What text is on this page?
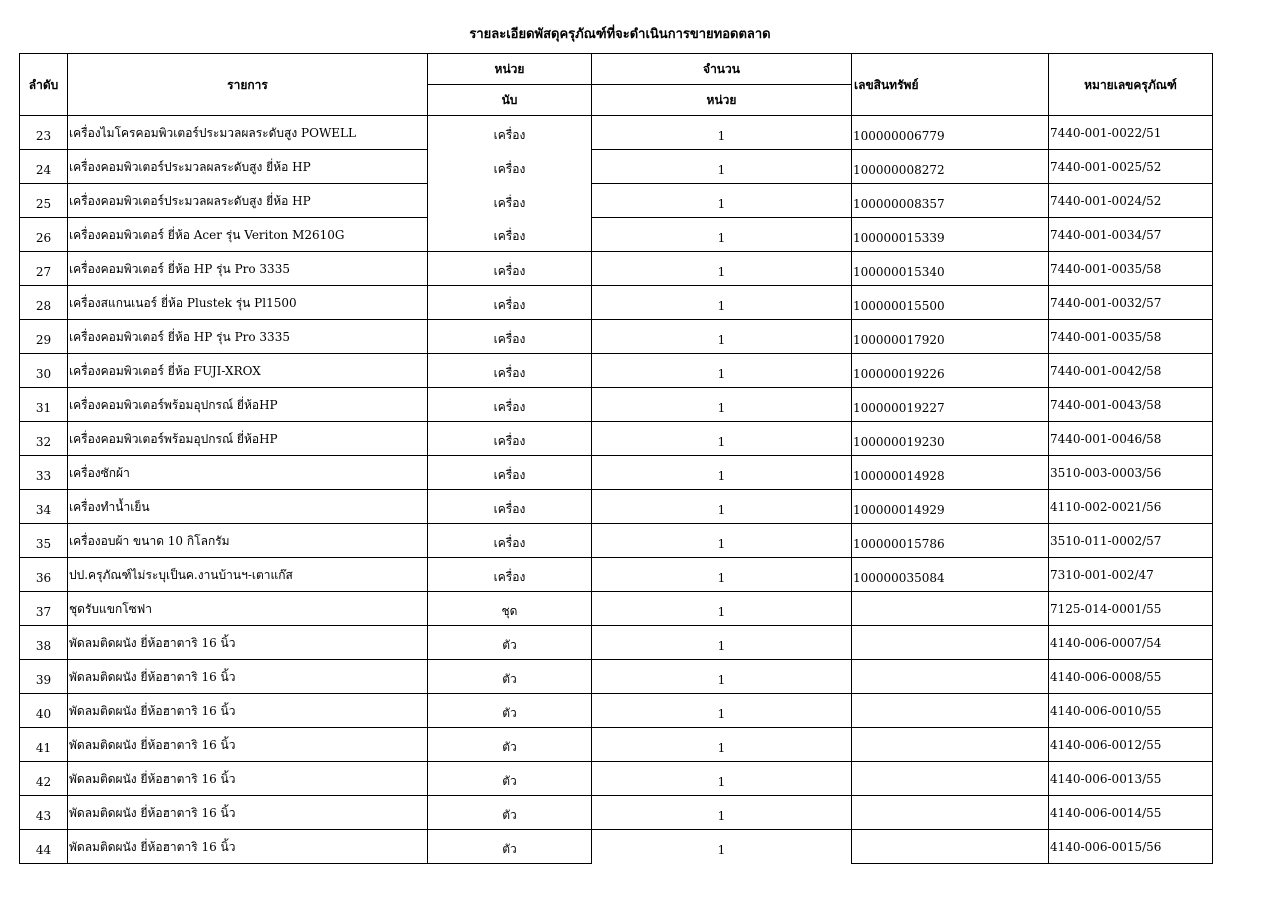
รายละเอียดพัสดุครุภัณฑ์ที่จะดำเนินการขายทอดตลาด
ลำดับ	รายการ	หน่วย	จำนวน	เลขสินทรัพย์	หมายเลขครุภัณฑ์
		นับ	หน่วย		
23	เครื่องไมโครคอมพิวเตอร์ประมวลผลระดับสูง POWELL	เครื่อง	1	100000006779	7440-001-0022/51
24	เครื่องคอมพิวเตอร์ประมวลผลระดับสูง ยี่ห้อ HP	เครื่อง	1	100000008272	7440-001-0025/52
25	เครื่องคอมพิวเตอร์ประมวลผลระดับสูง ยี่ห้อ HP	เครื่อง	1	100000008357	7440-001-0024/52
26	เครื่องคอมพิวเตอร์ ยี่ห้อ Acer รุ่น Veriton M2610G	เครื่อง	1	100000015339	7440-001-0034/57
27	เครื่องคอมพิวเตอร์ ยี่ห้อ HP รุ่น Pro 3335	เครื่อง	1	100000015340	7440-001-0035/58
28	เครื่องสแกนเนอร์ ยี่ห้อ Plustek รุ่น Pl1500	เครื่อง	1	100000015500	7440-001-0032/57
29	เครื่องคอมพิวเตอร์ ยี่ห้อ HP รุ่น Pro 3335	เครื่อง	1	100000017920	7440-001-0035/58
30	เครื่องคอมพิวเตอร์ ยี่ห้อ FUJI-XROX	เครื่อง	1	100000019226	7440-001-0042/58
31	เครื่องคอมพิวเตอร์พร้อมอุปกรณ์ ยี่ห้อHP	เครื่อง	1	100000019227	7440-001-0043/58
32	เครื่องคอมพิวเตอร์พร้อมอุปกรณ์ ยี่ห้อHP	เครื่อง	1	100000019230	7440-001-0046/58
33	เครื่องซักผ้า	เครื่อง	1	100000014928	3510-003-0003/56
34	เครื่องทำน้ำเย็น	เครื่อง	1	100000014929	4110-002-0021/56
35	เครื่องอบผ้า ขนาด 10 กิโลกรัม	เครื่อง	1	100000015786	3510-011-0002/57
36	ปป.ครุภัณฑ์ไม่ระบุเป็นค.งานบ้านฯ-เตาแก๊ส	เครื่อง	1	100000035084	7310-001-002/47
37	ชุดรับแขกโซฟา	ชุด	1		7125-014-0001/55
38	พัดลมติดผนัง ยี่ห้อฮาตาริ 16 นิ้ว	ตัว	1		4140-006-0007/54
39	พัดลมติดผนัง ยี่ห้อฮาตาริ 16 นิ้ว	ตัว	1		4140-006-0008/55
40	พัดลมติดผนัง ยี่ห้อฮาตาริ 16 นิ้ว	ตัว	1		4140-006-0010/55
41	พัดลมติดผนัง ยี่ห้อฮาตาริ 16 นิ้ว	ตัว	1		4140-006-0012/55
42	พัดลมติดผนัง ยี่ห้อฮาตาริ 16 นิ้ว	ตัว	1		4140-006-0013/55
43	พัดลมติดผนัง ยี่ห้อฮาตาริ 16 นิ้ว	ตัว	1		4140-006-0014/55
44	พัดลมติดผนัง ยี่ห้อฮาตาริ 16 นิ้ว	ตัว	1		4140-006-0015/56
